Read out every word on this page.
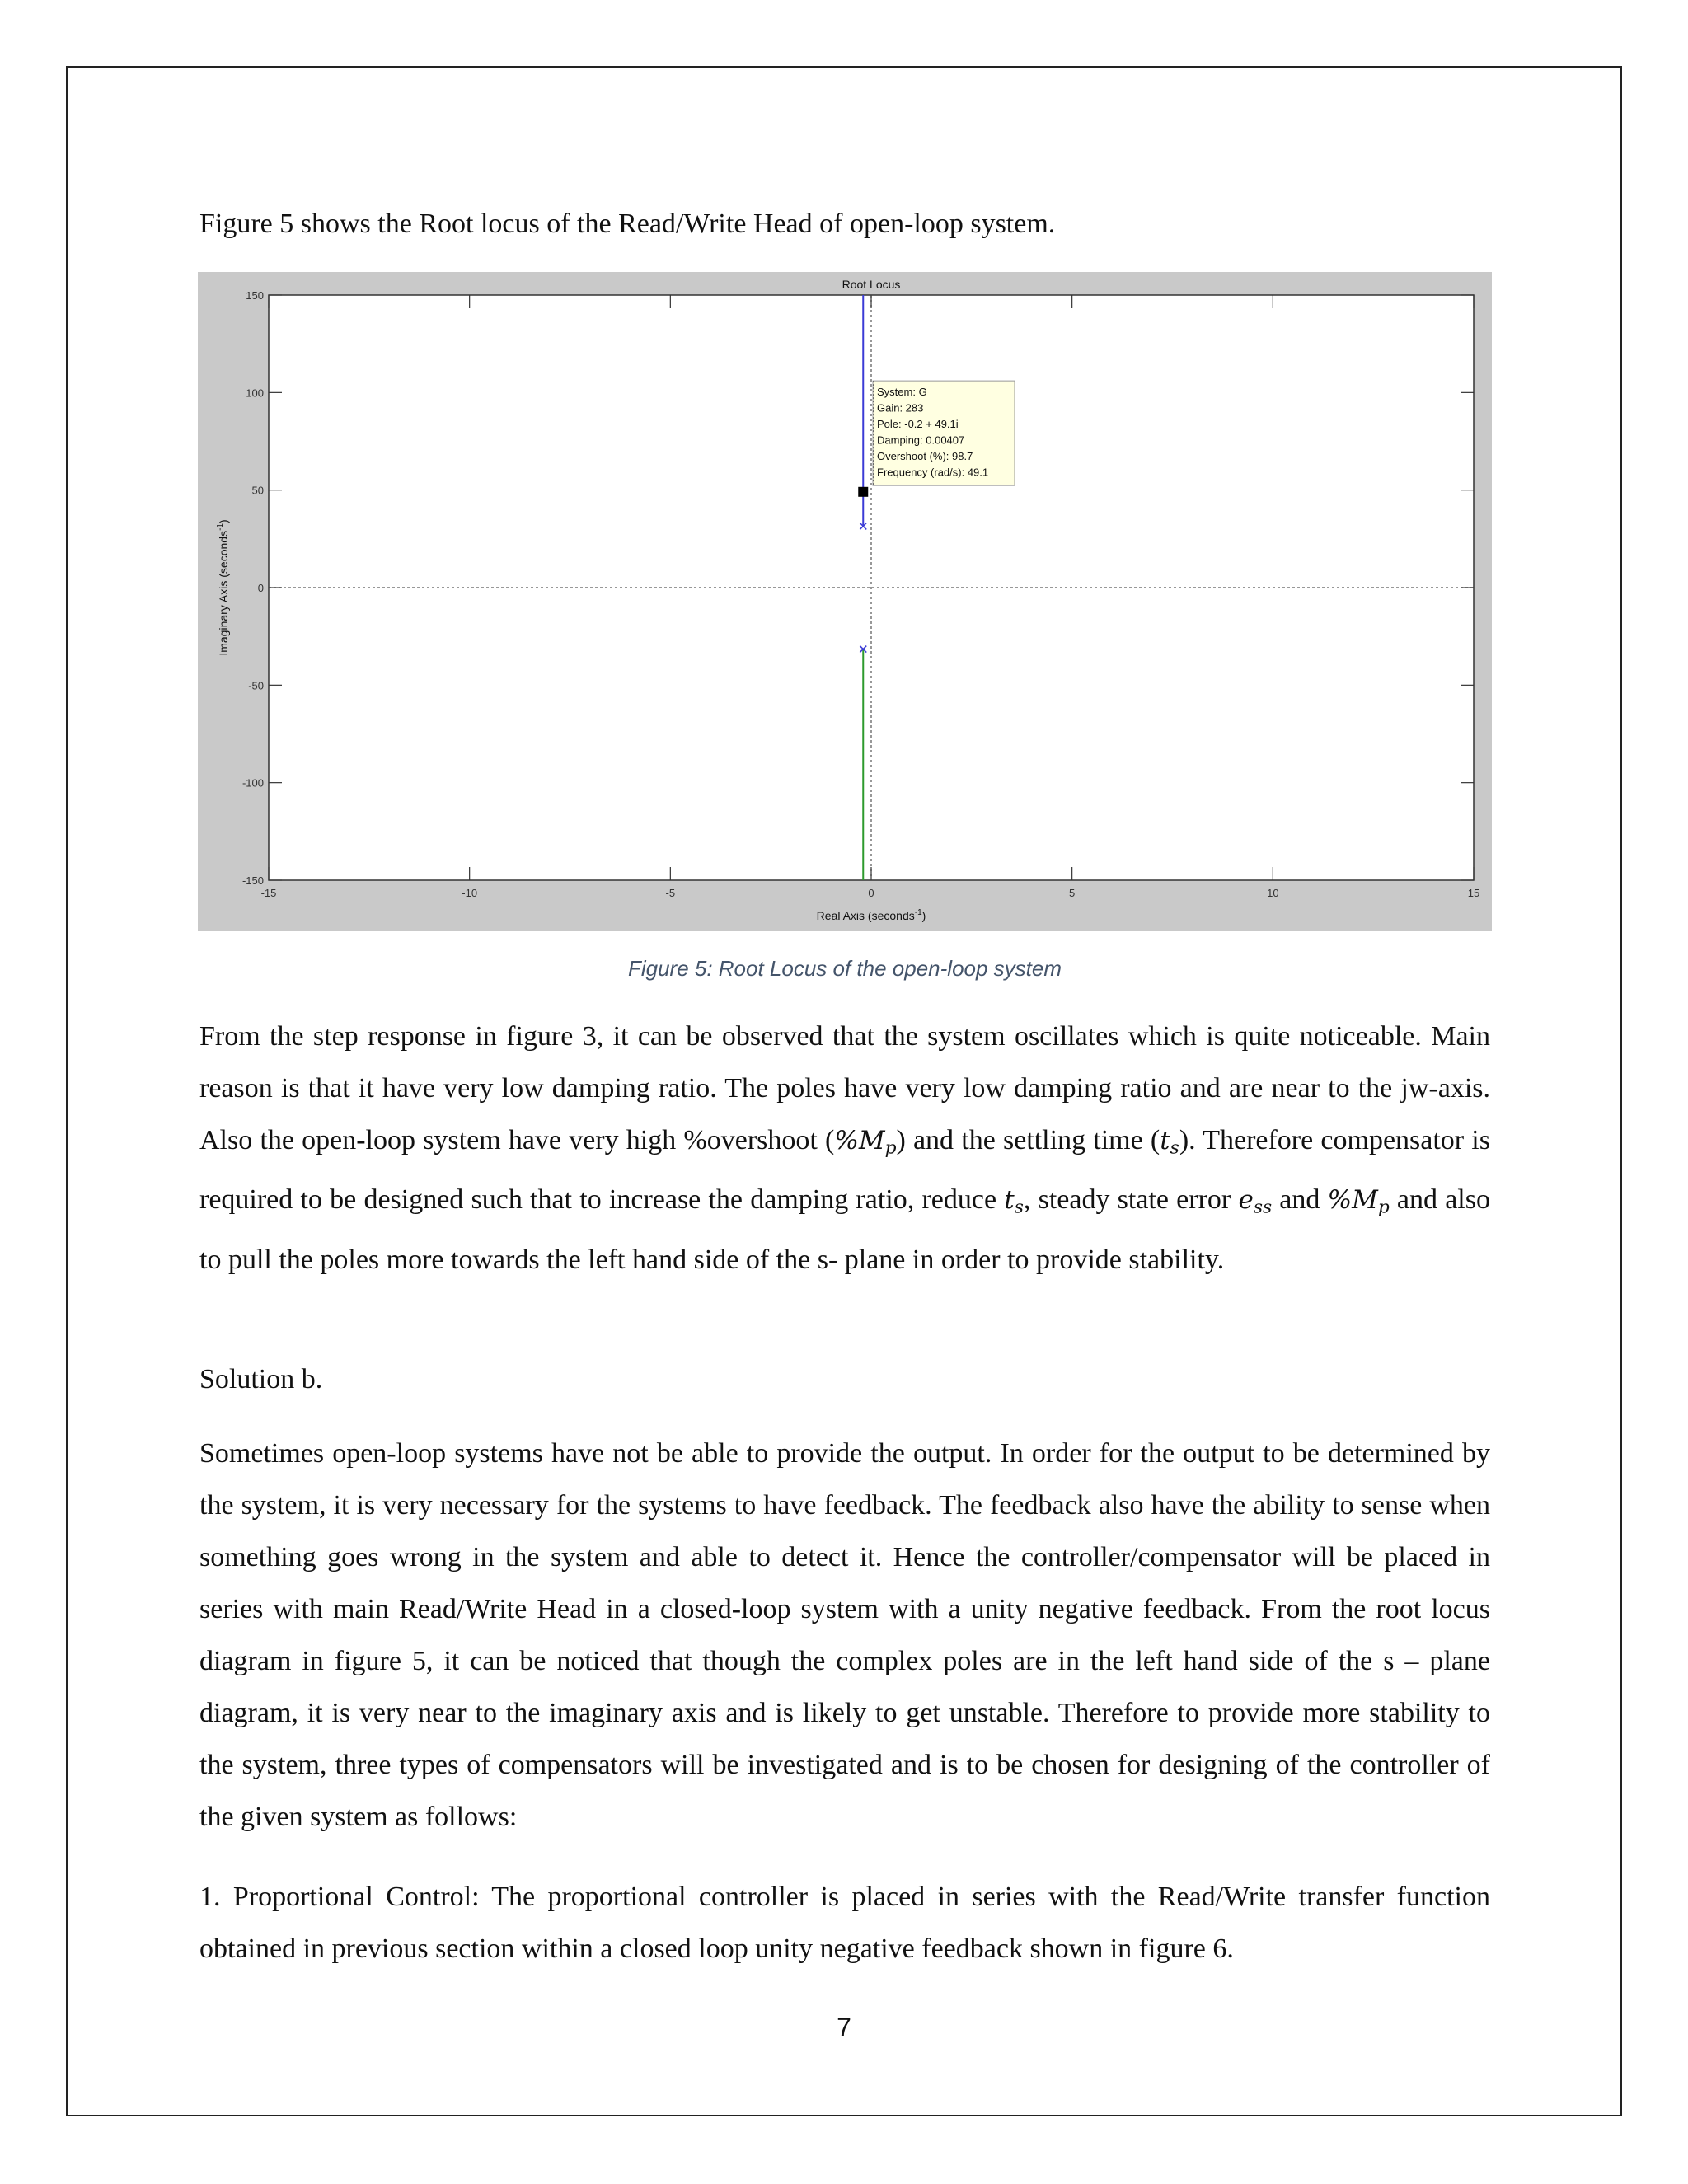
Figure 5 shows the Root locus of the Read/Write Head of open-loop system.

-15	-10	-5	0	5	10	15
-150
-100
-50
0
50
100
150
Root Locus
Real Axis (seconds$^{-1}$)
Imaginary Axis (seconds$^{-1}$)
System: G
Gain: 283
Pole: -0.2 + 49.1i
Damping: 0.00407
Overshoot (%): 98.7
Frequency (rad/s): 49.1
Figure 5: Root Locus of the open-loop system

From the step response in figure 3, it can be observed that the system oscillates which is quite noticeable. Main reason is that it have very low damping ratio. The poles have very low damping ratio and are near to the jw-axis. Also the open-loop system have very high %overshoot $(\%M_p)$ and the settling time $(t_s)$. Therefore compensator is required to be designed such that to increase the damping ratio, reduce $t_s$, steady state error $e_{ss}$ and $\%M_p$ and also to pull the poles more towards the left hand side of the s- plane in order to provide stability.

Solution b.

Sometimes open-loop systems have not be able to provide the output. In order for the output to be determined by the system, it is very necessary for the systems to have feedback. The feedback also have the ability to sense when something goes wrong in the system and able to detect it. Hence the controller/compensator will be placed in series with main Read/Write Head in a closed-loop system with a unity negative feedback. From the root locus diagram in figure 5, it can be noticed that though the complex poles are in the left hand side of the s – plane diagram, it is very near to the imaginary axis and is likely to get unstable. Therefore to provide more stability to the system, three types of compensators will be investigated and is to be chosen for designing of the controller of the given system as follows:

1. Proportional Control: The proportional controller is placed in series with the Read/Write transfer function obtained in previous section within a closed loop unity negative feedback shown in figure 6.

7
